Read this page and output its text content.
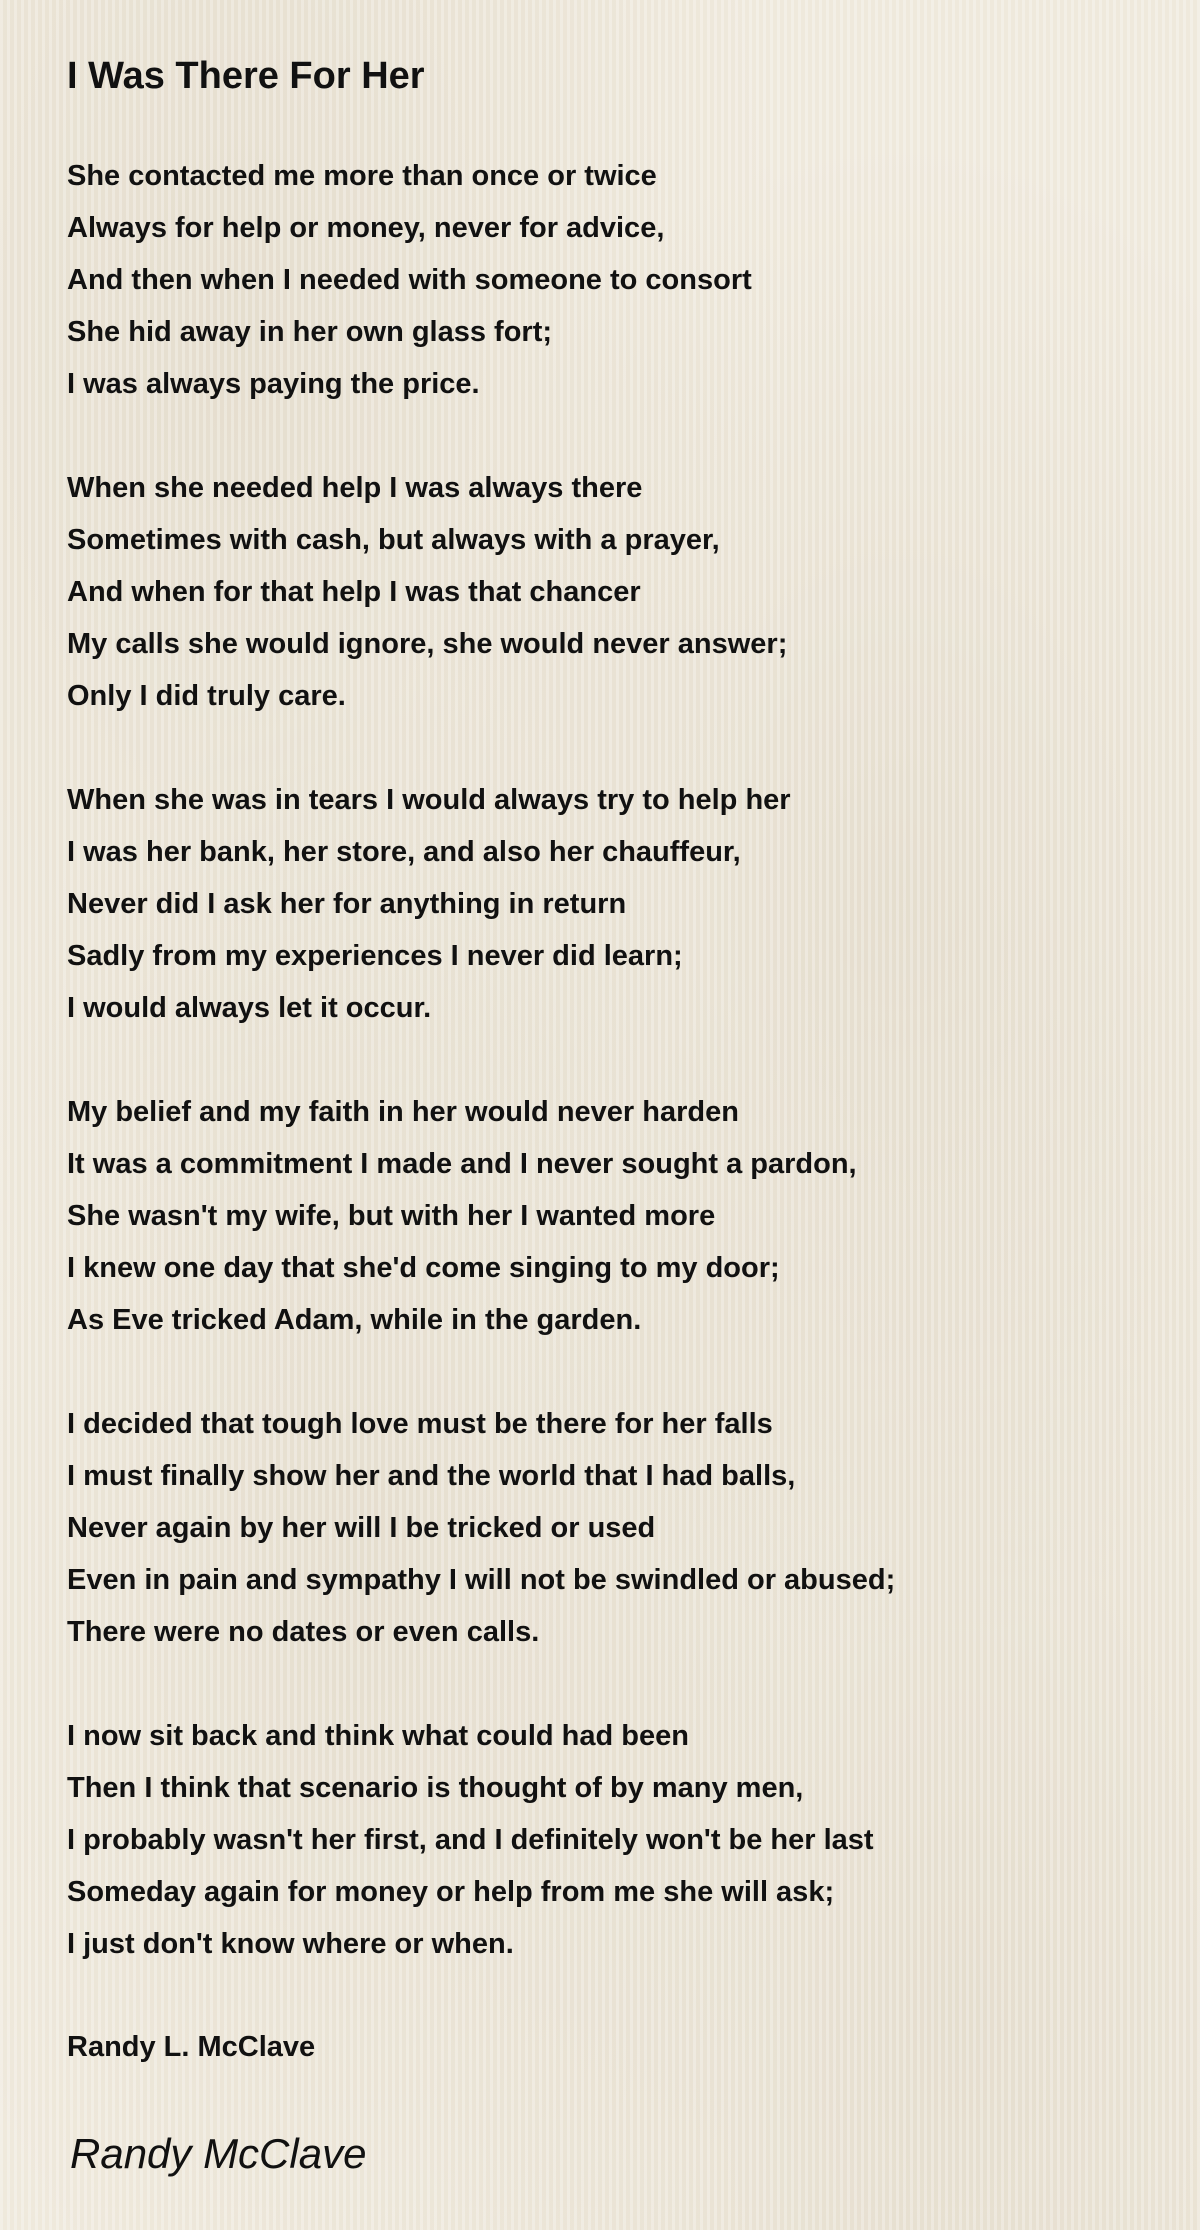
I Was There For Her
She contacted me more than once or twice
Always for help or money, never for advice,
And then when I needed with someone to consort
She hid away in her own glass fort;
I was always paying the price.
When she needed help I was always there
Sometimes with cash, but always with a prayer,
And when for that help I was that chancer
My calls she would ignore, she would never answer;
Only I did truly care.
When she was in tears I would always try to help her
I was her bank, her store, and also her chauffeur,
Never did I ask her for anything in return
Sadly from my experiences I never did learn;
I would always let it occur.
My belief and my faith in her would never harden
It was a commitment I made and I never sought a pardon,
She wasn't my wife, but with her I wanted more
I knew one day that she'd come singing to my door;
As Eve tricked Adam, while in the garden.
I decided that tough love must be there for her falls
I must finally show her and the world that I had balls,
Never again by her will I be tricked or used
Even in pain and sympathy I will not be swindled or abused;
There were no dates or even calls.
I now sit back and think what could had been
Then I think that scenario is thought of by many men,
I probably wasn't her first, and I definitely won't be her last
Someday again for money or help from me she will ask;
I just don't know where or when.
Randy L. McClave
Randy McClave
